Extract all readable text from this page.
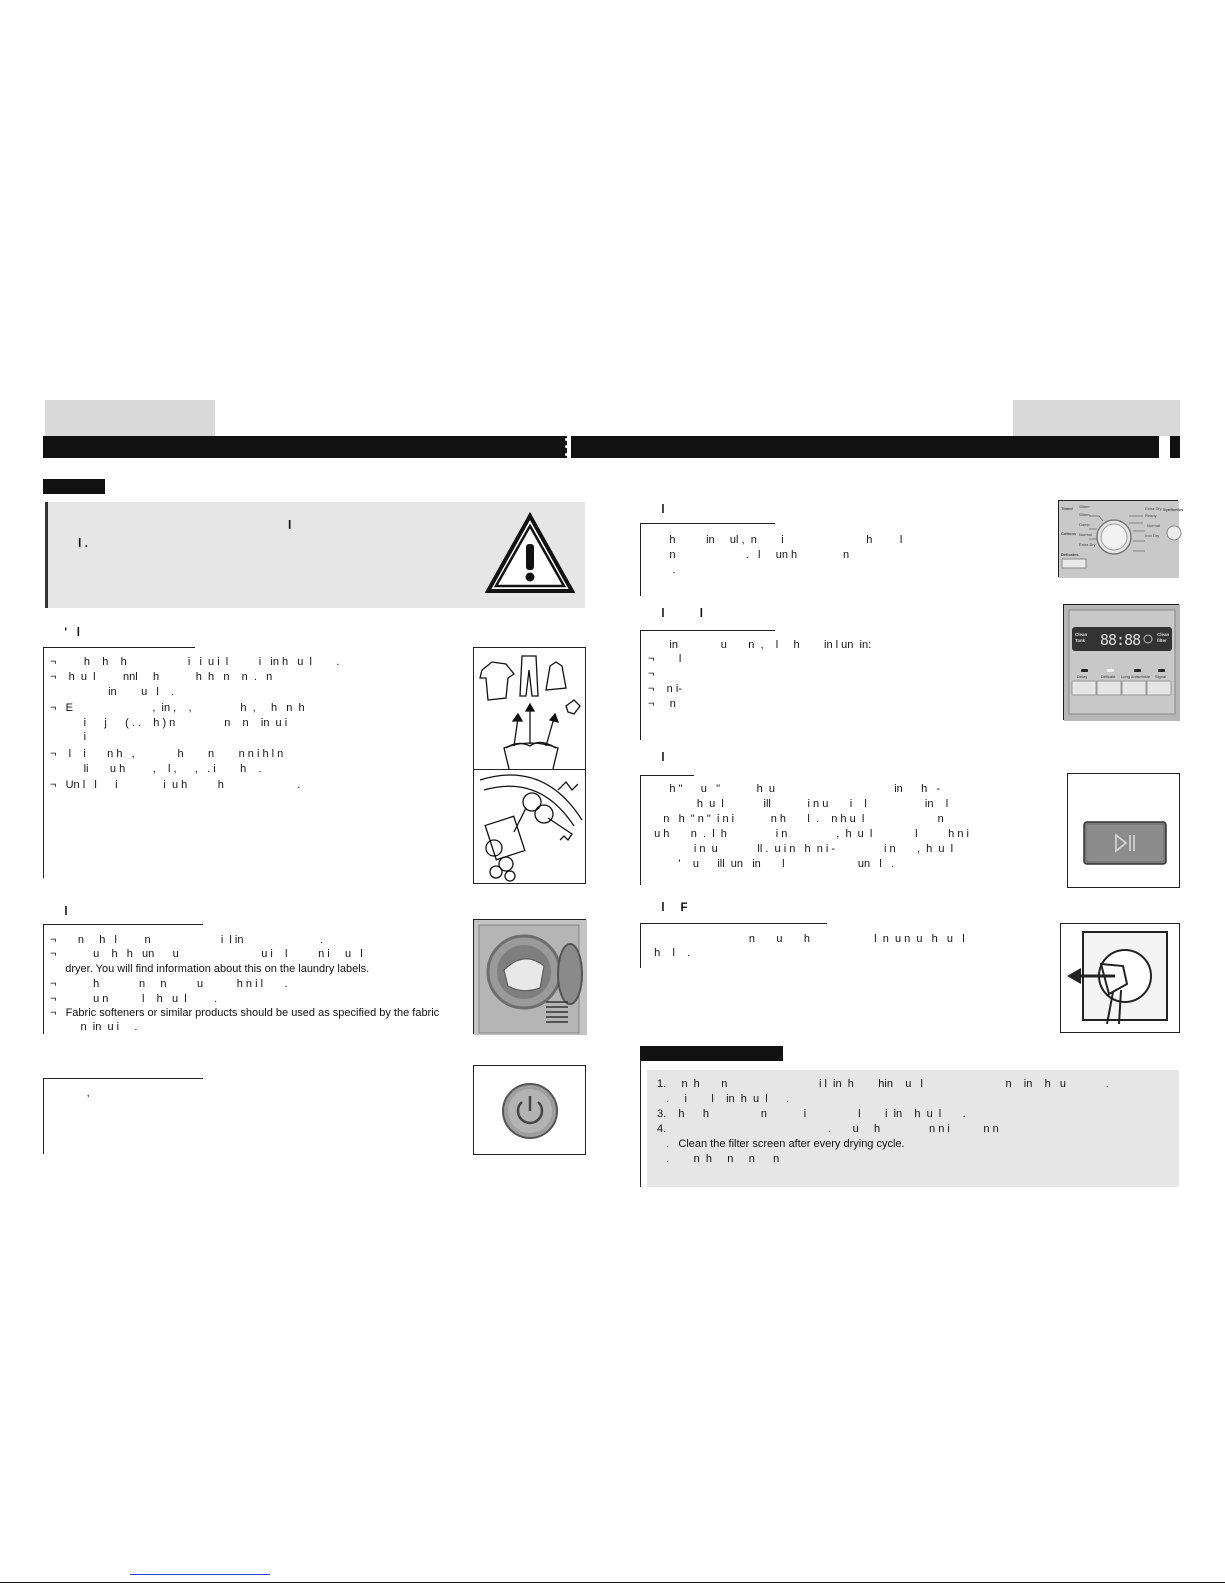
l
l .
'   l
¬         h    h    h                    i   i  u i  l          i   in h   u  l        .
¬    h  u  l         nnl     h            h  h   n    n  .   n
in        u   l    .
¬   E                          ,  in ,    ,                h  ,     h   n  h
i      j      ( . .    h ) n                n    n    in  u i
i
¬    l    i       n h   ,              h        n        n n i h l n
li       u h         ,    l ,      ,   . i        h    .
¬   Un l   l      i               i  u h          h                        .
l
¬       n     h   l         n                       i  l in                         .
¬            u    h   h   un      u                           u i    l          n i     u   l
dryer. You will find information about this on the laundry labels.
¬            h             n     n          u           h n i l       .
¬            u n           l    h   u  l         .
¬   Fabric softeners or similar products should be used as specified by the fabric
n  in  u i     .
,
l
h          in     ul ,  n        i                           h         l
n                       .   l     un h               n
.
Timed
Cottons
Delicates
Warm
Warm
Damp
Normal
Extra Dry
Extra Dry
Ready
Normal
Iron Dry
Synthetics
l           l
in              u       n  ,    l     h        in l un  in:
¬        l
¬
¬    n i-
¬     n
Clean
Tank 88:88	Clean
filter
Delay	Delicate Long Antiwrinkle Signal
l
h "      u   "            h  u                                       in      h   -
h  u  l             ill            i n u       i    l                   in    l
n   h  " n "  i n i            n h       l  .    n h u  l                        n
u h       n  .  l  h                i n                ,  h  u  l              l          h n i
i n  u             ll .  u i n   h  n i -                i n       ,  h  u  l
'    u      ill  un   in       l                        un   l   .
l     F
n       u       h                     l  n  u n  u   h   u   l
h    l    .
1.     n  h       n                              i l  in  h        hin    u   l                           n    in    h   u             .
.     i        l    in  h  u  l      .
3.    h      h                 n            i                 l        i  in    h  u  l       .
4.                                                     .       u     h                n n i           n n
.   Clean the filter screen after every drying cycle.
.        n  h     n     n      n
